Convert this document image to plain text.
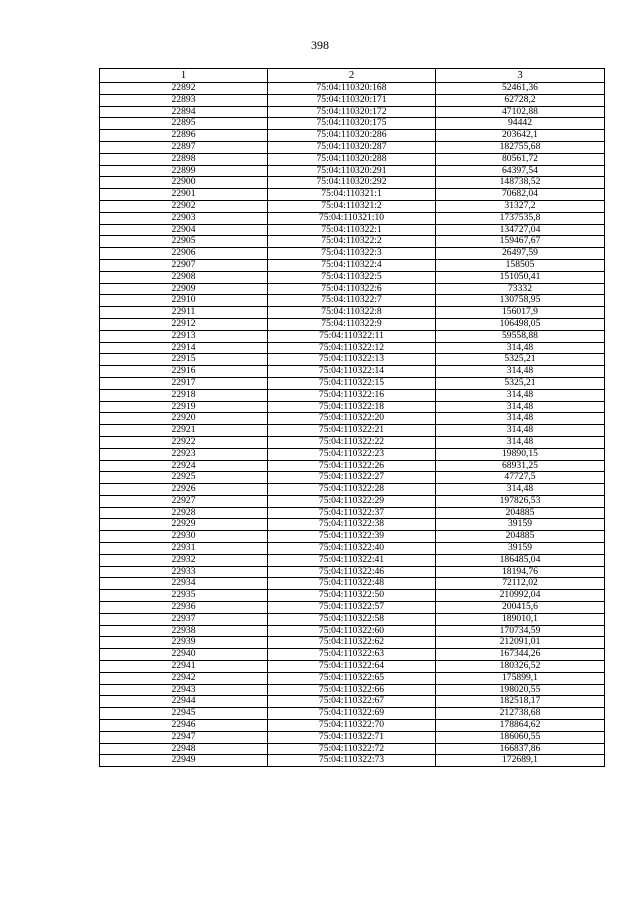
398
1	2	3
22892	75:04:110320:168	52461,36
22893	75:04:110320:171	62728,2
22894	75:04:110320:172	47102,88
22895	75:04:110320:175	94442
22896	75:04:110320:286	203642,1
22897	75:04:110320:287	182755,68
22898	75:04:110320:288	80561,72
22899	75:04:110320:291	64397,54
22900	75:04:110320:292	148738,52
22901	75:04:110321:1	70682,04
22902	75:04:110321:2	31327,2
22903	75:04:110321:10	1737535,8
22904	75:04:110322:1	134727,04
22905	75:04:110322:2	159467,67
22906	75:04:110322:3	26497,59
22907	75:04:110322:4	158505
22908	75:04:110322:5	151050,41
22909	75:04:110322:6	73332
22910	75:04:110322:7	130758,95
22911	75:04:110322:8	156017,9
22912	75:04:110322:9	106498,05
22913	75:04:110322:11	59558,88
22914	75:04:110322:12	314,48
22915	75:04:110322:13	5325,21
22916	75:04:110322:14	314,48
22917	75:04:110322:15	5325,21
22918	75:04:110322:16	314,48
22919	75:04:110322:18	314,48
22920	75:04:110322:20	314,48
22921	75:04:110322:21	314,48
22922	75:04:110322:22	314,48
22923	75:04:110322:23	19890,15
22924	75:04:110322:26	68931,25
22925	75:04:110322:27	47727,5
22926	75:04:110322:28	314,48
22927	75:04:110322:29	197826,53
22928	75:04:110322:37	204885
22929	75:04:110322:38	39159
22930	75:04:110322:39	204885
22931	75:04:110322:40	39159
22932	75:04:110322:41	186485,04
22933	75:04:110322:46	18194,76
22934	75:04:110322:48	72112,02
22935	75:04:110322:50	210992,04
22936	75:04:110322:57	200415,6
22937	75:04:110322:58	189010,1
22938	75:04:110322:60	170734,59
22939	75:04:110322:62	212091,01
22940	75:04:110322:63	167344,26
22941	75:04:110322:64	180326,52
22942	75:04:110322:65	175899,1
22943	75:04:110322:66	198020,55
22944	75:04:110322:67	182518,17
22945	75:04:110322:69	212738,68
22946	75:04:110322:70	178864,62
22947	75:04:110322:71	186060,55
22948	75:04:110322:72	166837,86
22949	75:04:110322:73	172689,1
